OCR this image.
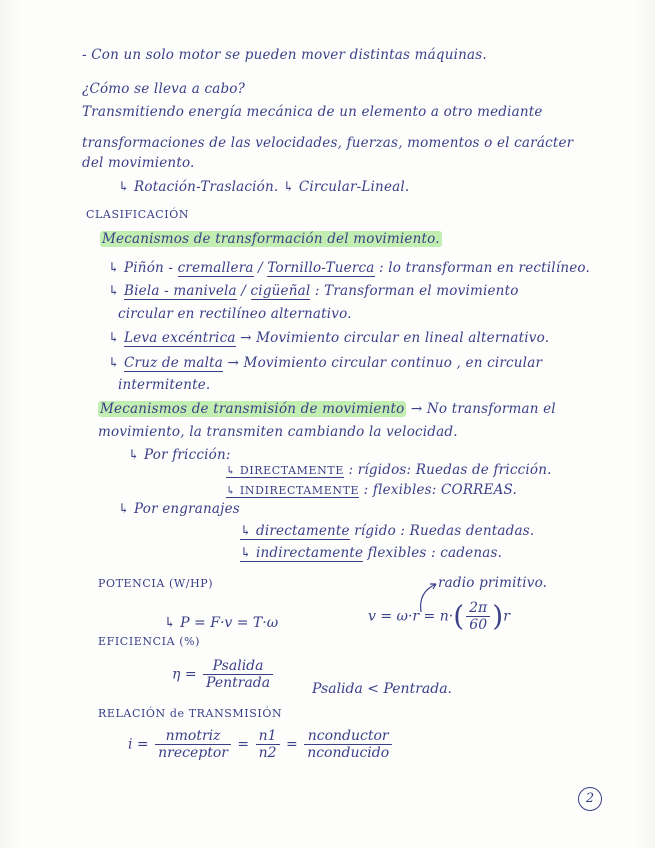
- Con un solo motor se pueden mover distintas máquinas.

¿Cómo se lleva a cabo?

Transmitiendo energía mecánica de un elemento a otro mediante

transformaciones de las velocidades, fuerzas, momentos o el carácter

del movimiento.

↳ Rotación-Traslación. ↳ Circular-Lineal.

CLASIFICACIÓN

Mecanismos de transformación del movimiento.

↳ Piñón - cremallera / Tornillo-Tuerca : lo transforman en rectilíneo.

↳ Biela - manivela / cigüeñal : Transforman el movimiento

circular en rectilíneo alternativo.

↳ Leva excéntrica → Movimiento circular en lineal alternativo.

↳ Cruz de malta → Movimiento circular continuo , en circular

intermitente.

Mecanismos de transmisión de movimiento → No transforman el

movimiento, la transmiten cambiando la velocidad.

↳ Por fricción:

↳ DIRECTAMENTE : rígidos: Ruedas de fricción.

↳ INDIRECTAMENTE : flexibles: CORREAS.

↳ Por engranajes

↳ directamente rígido : Ruedas dentadas.

↳ indirectamente flexibles : cadenas.

POTENCIA (W/HP)

↳ P = F·v = T·ω

radio primitivo.

$v = \omega\cdot r = n\cdot( \frac{2\pi}{60} )r$

EFICIENCIA (%)

$\eta = \frac{\text{Psalida}}{\text{Pentrada}}$	Psalida < Pentrada.

RELACIÓN de TRANSMISIÓN

$i = \frac{\text{nmotriz}}{\text{nreceptor}} = \frac{n1}{n2} = \frac{\text{nconductor}}{\text{nconducido}}$
2
